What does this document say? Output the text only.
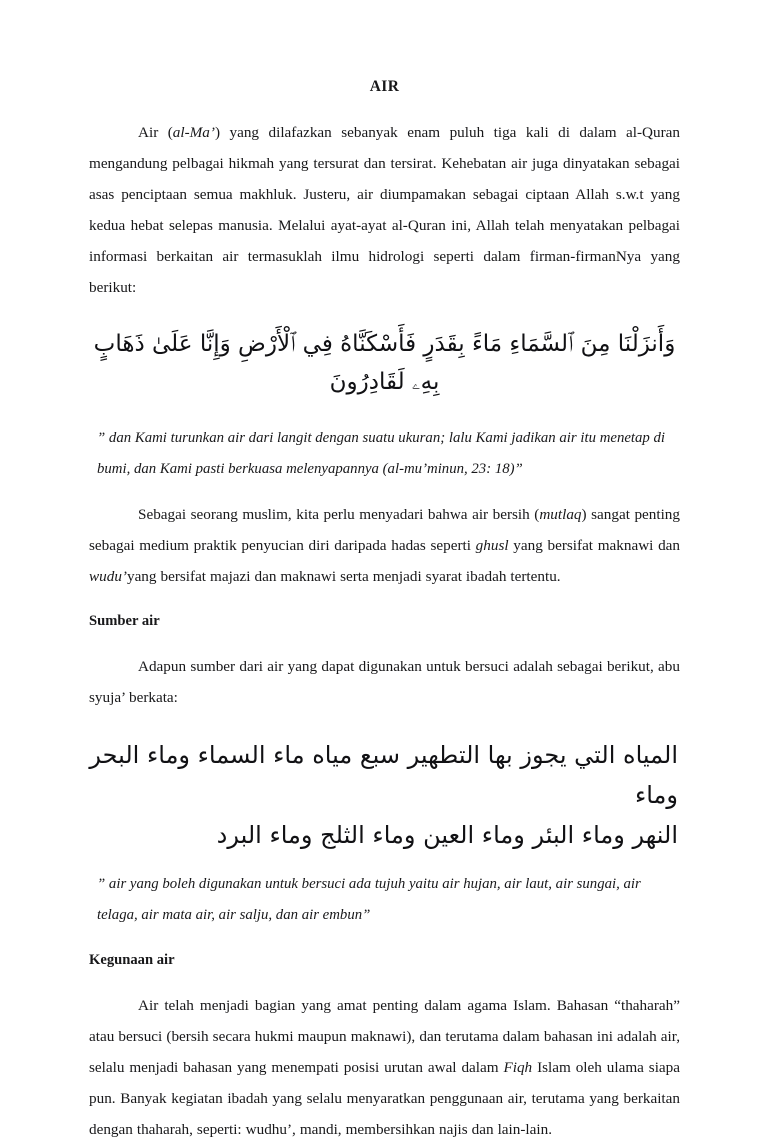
AIR

Air (al-Ma’) yang dilafazkan sebanyak enam puluh tiga kali di dalam al-Quran mengandung pelbagai hikmah yang tersurat dan tersirat. Kehebatan air juga dinyatakan sebagai asas penciptaan semua makhluk. Justeru, air diumpamakan sebagai ciptaan Allah s.w.t yang kedua hebat selepas manusia. Melalui ayat-ayat al-Quran ini, Allah telah menyatakan pelbagai informasi berkaitan air termasuklah ilmu hidrologi seperti dalam firman-firmanNya yang berikut:

وَأَنزَلْنَا مِنَ ٱلسَّمَاءِ مَاءً بِقَدَرٍ فَأَسْكَنَّاهُ فِي ٱلْأَرْضِ وَإِنَّا عَلَىٰ ذَهَابٍ بِهِۦ لَقَادِرُونَ

” dan Kami turunkan air dari langit dengan suatu ukuran; lalu Kami jadikan air itu menetap di bumi, dan Kami pasti berkuasa melenyapannya (al-mu’minun, 23: 18)”

Sebagai seorang muslim, kita perlu menyadari bahwa air bersih (mutlaq) sangat penting sebagai medium praktik penyucian diri daripada hadas seperti ghusl yang bersifat maknawi dan wudu’yang bersifat majazi dan maknawi serta menjadi syarat ibadah tertentu.

Sumber air

Adapun sumber dari air yang dapat digunakan untuk bersuci adalah sebagai berikut, abu syuja’ berkata:

المياه التي يجوز بها التطهير سبع مياه ماء السماء وماء البحر وماء
النهر وماء البئر وماء العين وماء الثلج وماء البرد

” air yang boleh digunakan untuk bersuci ada tujuh yaitu air hujan, air laut, air sungai, air telaga, air mata air, air salju, dan air embun”

Kegunaan air

Air telah menjadi bagian yang amat penting dalam agama Islam. Bahasan “thaharah” atau bersuci (bersih secara hukmi maupun maknawi), dan terutama dalam bahasan ini adalah air, selalu menjadi bahasan yang menempati posisi urutan awal dalam Fiqh Islam oleh ulama siapa pun. Banyak kegiatan ibadah yang selalu menyaratkan penggunaan air, terutama yang berkaitan dengan thaharah, seperti: wudhu’, mandi, membersihkan najis dan lain-lain.
